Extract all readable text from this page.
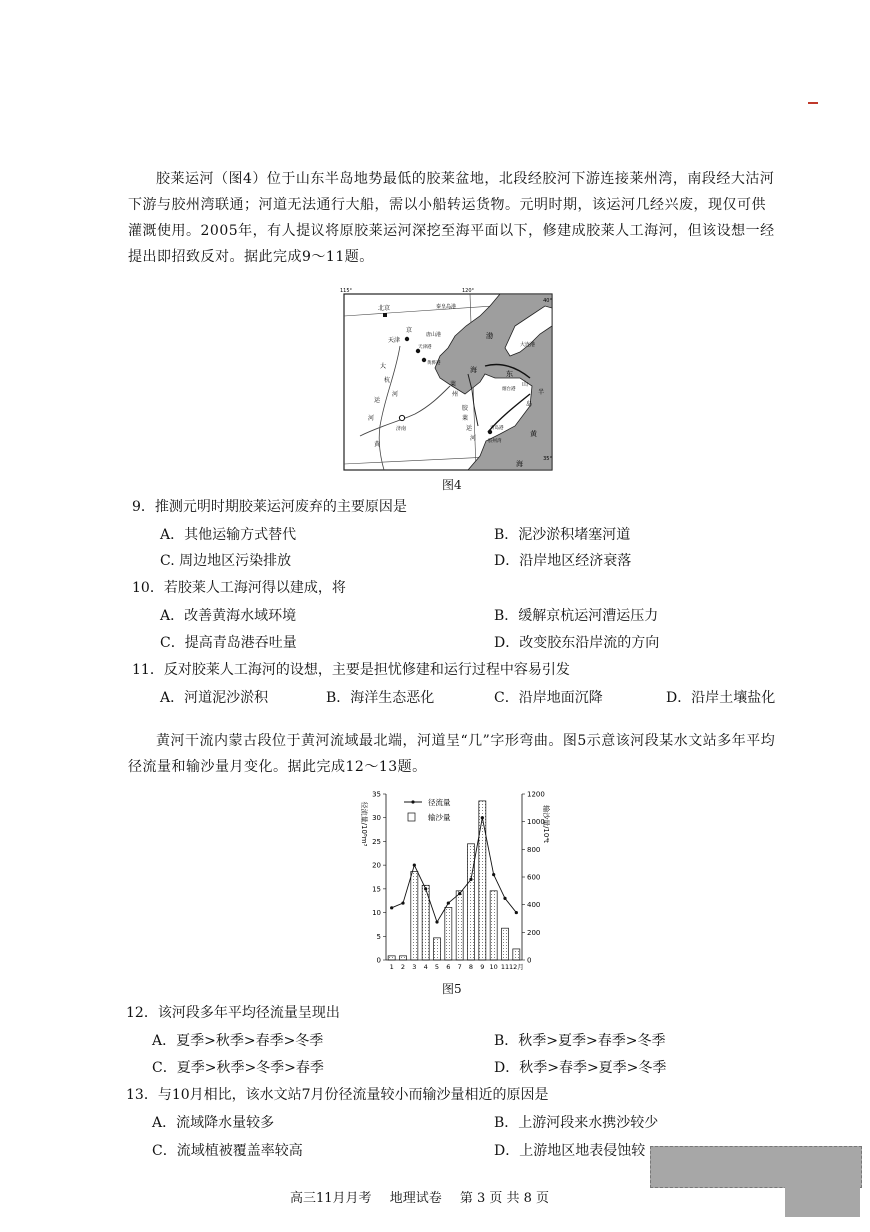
胶莱运河（图4）位于山东半岛地势最低的胶莱盆地，北段经胶河下游连接莱州湾，南段经大沽河下游与胶州湾联通；河道无法通行大船，需以小船转运货物。元明时期，该运河几经兴废，现仅可供灌溉使用。2005年，有人提议将原胶莱运河深挖至海平面以下，修建成胶莱人工海河，但该设想一经提出即招致反对。据此完成9～11题。

115°	120°
40°
35°
北京	秦皇岛港
京
天津
唐山港
天津港
黄骅港
渤
海
大连港
东
烟台港
山
半
岛
大
杭
运
河
济南
河
莱
州
胶
莱
运
河
青岛港
胶州湾
黄
黄
海
图4
9．推测元明时期胶莱运河废弃的主要原因是
A．其他运输方式替代	B．泥沙淤积堵塞河道
C. 周边地区污染排放	D．沿岸地区经济衰落
10．若胶莱人工海河得以建成，将
A．改善黄海水域环境	B．缓解京杭运河漕运压力
C．提高青岛港吞吐量	D．改变胶东沿岸流的方向
11．反对胶莱人工海河的设想，主要是担忧修建和运行过程中容易引发
A．河道泥沙淤积	B．海洋生态恶化	C．沿岸地面沉降	D．沿岸土壤盐化

黄河干流内蒙古段位于黄河流域最北端，河道呈“几”字形弯曲。图5示意该河段某水文站多年平均径流量和输沙量月变化。据此完成12～13题。

0
5
10
15
20
25
30
35
0
200
400
600
800
1000
1200
径流量/10⁸m³	输沙量/10⁴t
1 2 3 4 5 6 7 8 9 10 11 12月
径流量
输沙量
图5
12．该河段多年平均径流量呈现出
A．夏季>秋季>春季>冬季	B．秋季>夏季>春季>冬季
C．夏季>秋季>冬季>春季	D．秋季>春季>夏季>冬季
13．与10月相比，该水文站7月份径流量较小而输沙量相近的原因是
A．流域降水量较多	B．上游河段来水携沙较少
C．流域植被覆盖率较高	D．上游地区地表侵蚀较
高三11月月考 地理试卷 第 3 页 共 8 页
